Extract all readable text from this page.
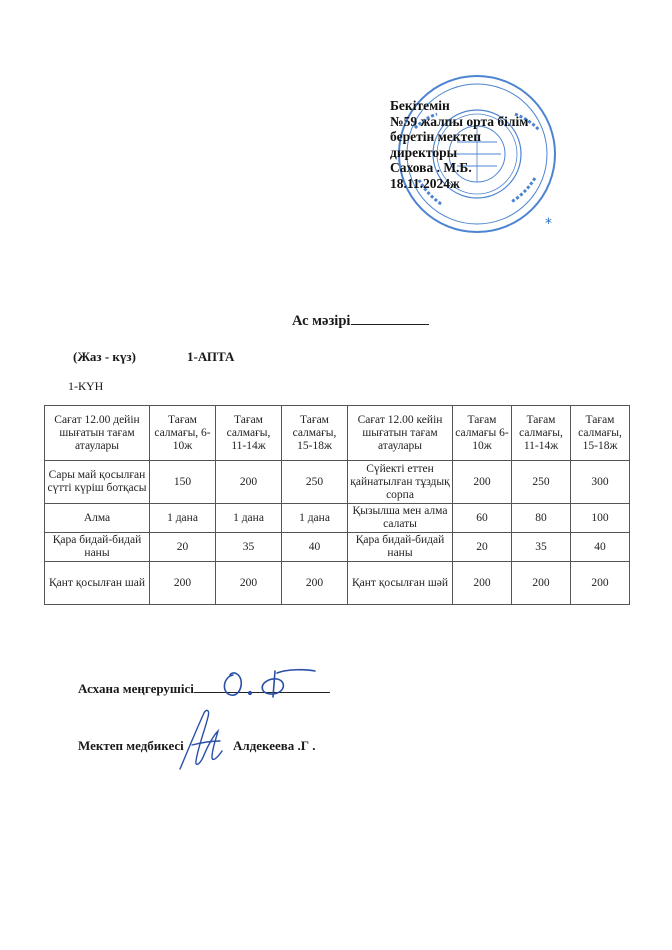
*
Бекітемін
№59 жалпы орта білім
беретін мектеп
директоры
Сахова . М.Б.
18.11.2024ж
Ас мәзірі
(Жаз - күз)	1-АПТА
1-КҮН
Сағат 12.00 дейін шығатын тағам атаулары	Тағам салмағы, 6-10ж	Тағам салмағы, 11-14ж	Тағам салмағы, 15-18ж	Сағат 12.00 кейін шығатын тағам атаулары	Тағам салмағы 6-10ж	Тағам салмағы, 11-14ж	Тағам салмағы, 15-18ж
Сары май қосылған сүтті күріш ботқасы	150	200	250	Сүйекті еттен қайнатылған тұздық сорпа	200	250	300
Алма	1 дана	1 дана	1 дана	Қызылша мен алма салаты	60	80	100
Қара бидай-бидай наны	20	35	40	Қара бидай-бидай наны	20	35	40
Қант қосылған шай	200	200	200	Қант қосылған шәй	200	200	200
Асхана меңгерушісі
Мектеп медбикесі	Алдекеева .Г .
